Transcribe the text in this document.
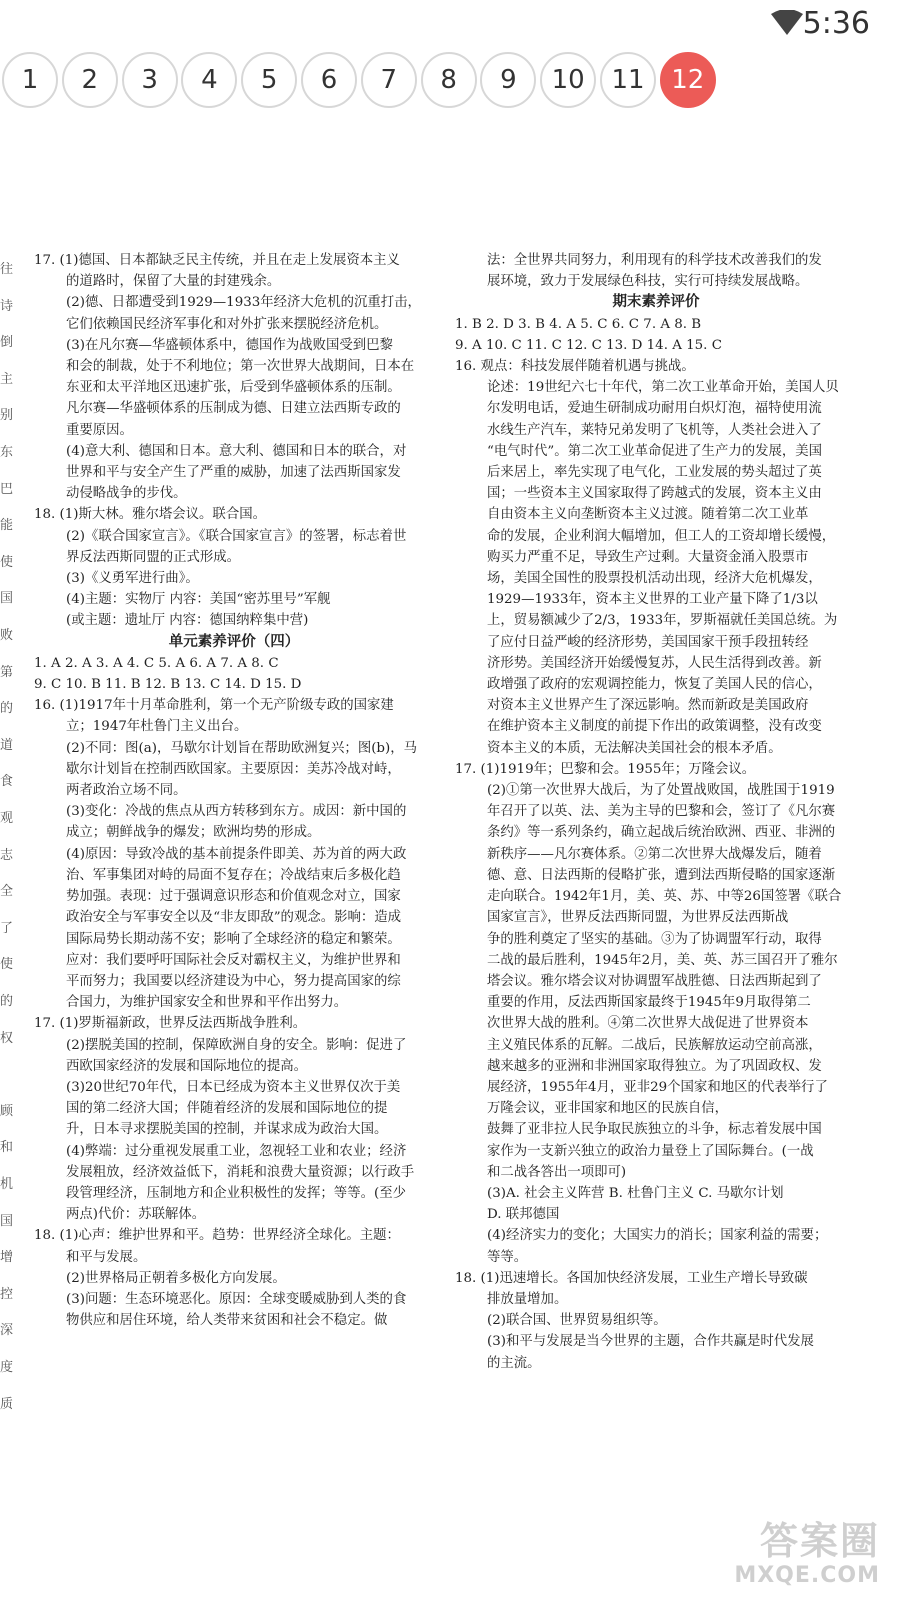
5:36
1	2	3	4	5	6	7	8	9	10	11	12
往
诗
倒
主
别
东
巴
能
使
国
败
第
的
道
食
观
志
全
了
使
的
权
顾
和
机
国
增
控
深
度
质
17. (1)德国、日本都缺乏民主传统，并且在走上发展资本主义
的道路时，保留了大量的封建残余。
(2)德、日都遭受到1929—1933年经济大危机的沉重打击，
它们依赖国民经济军事化和对外扩张来摆脱经济危机。
(3)在凡尔赛—华盛顿体系中，德国作为战败国受到巴黎
和会的制裁，处于不利地位；第一次世界大战期间，日本在
东亚和太平洋地区迅速扩张，后受到华盛顿体系的压制。
凡尔赛—华盛顿体系的压制成为德、日建立法西斯专政的
重要原因。
(4)意大利、德国和日本。意大利、德国和日本的联合，对
世界和平与安全产生了严重的威胁，加速了法西斯国家发
动侵略战争的步伐。
18. (1)斯大林。雅尔塔会议。联合国。
(2)《联合国家宣言》。《联合国家宣言》的签署，标志着世
界反法西斯同盟的正式形成。
(3)《义勇军进行曲》。
(4)主题：实物厅 内容：美国“密苏里号”军舰
(或主题：遗址厅 内容：德国纳粹集中营)
单元素养评价（四）
1. A 2. A 3. A 4. C 5. A 6. A 7. A 8. C
9. C 10. B 11. B 12. B 13. C 14. D 15. D
16. (1)1917年十月革命胜利，第一个无产阶级专政的国家建
立；1947年杜鲁门主义出台。
(2)不同：图(a)，马歇尔计划旨在帮助欧洲复兴；图(b)，马
歇尔计划旨在控制西欧国家。主要原因：美苏冷战对峙，
两者政治立场不同。
(3)变化：冷战的焦点从西方转移到东方。成因：新中国的
成立；朝鲜战争的爆发；欧洲均势的形成。
(4)原因：导致冷战的基本前提条件即美、苏为首的两大政
治、军事集团对峙的局面不复存在；冷战结束后多极化趋
势加强。表现：过于强调意识形态和价值观念对立，国家
政治安全与军事安全以及“非友即敌”的观念。影响：造成
国际局势长期动荡不安；影响了全球经济的稳定和繁荣。
应对：我们要呼吁国际社会反对霸权主义，为维护世界和
平而努力；我国要以经济建设为中心，努力提高国家的综
合国力，为维护国家安全和世界和平作出努力。
17. (1)罗斯福新政，世界反法西斯战争胜利。
(2)摆脱美国的控制，保障欧洲自身的安全。影响：促进了
西欧国家经济的发展和国际地位的提高。
(3)20世纪70年代，日本已经成为资本主义世界仅次于美
国的第二经济大国；伴随着经济的发展和国际地位的提
升，日本寻求摆脱美国的控制，并谋求成为政治大国。
(4)弊端：过分重视发展重工业，忽视轻工业和农业；经济
发展粗放，经济效益低下，消耗和浪费大量资源；以行政手
段管理经济，压制地方和企业积极性的发挥；等等。(至少
两点)代价：苏联解体。
18. (1)心声：维护世界和平。趋势：世界经济全球化。主题：
和平与发展。
(2)世界格局正朝着多极化方向发展。
(3)问题：生态环境恶化。原因：全球变暖威胁到人类的食
物供应和居住环境，给人类带来贫困和社会不稳定。做
法：全世界共同努力，利用现有的科学技术改善我们的发
展环境，致力于发展绿色科技，实行可持续发展战略。
期末素养评价
1. B 2. D 3. B 4. A 5. C 6. C 7. A 8. B
9. A 10. C 11. C 12. C 13. D 14. A 15. C
16. 观点：科技发展伴随着机遇与挑战。
论述：19世纪六七十年代，第二次工业革命开始，美国人贝
尔发明电话，爱迪生研制成功耐用白炽灯泡，福特使用流
水线生产汽车，莱特兄弟发明了飞机等，人类社会进入了
“电气时代”。第二次工业革命促进了生产力的发展，美国
后来居上，率先实现了电气化，工业发展的势头超过了英
国；一些资本主义国家取得了跨越式的发展，资本主义由
自由资本主义向垄断资本主义过渡。随着第二次工业革
命的发展，企业利润大幅增加，但工人的工资却增长缓慢，
购买力严重不足，导致生产过剩。大量资金涌入股票市
场，美国全国性的股票投机活动出现，经济大危机爆发，
1929—1933年，资本主义世界的工业产量下降了1/3以
上，贸易额减少了2/3，1933年，罗斯福就任美国总统。为
了应付日益严峻的经济形势，美国国家干预手段扭转经
济形势。美国经济开始缓慢复苏，人民生活得到改善。新
政增强了政府的宏观调控能力，恢复了美国人民的信心，
对资本主义世界产生了深远影响。然而新政是美国政府
在维护资本主义制度的前提下作出的政策调整，没有改变
资本主义的本质，无法解决美国社会的根本矛盾。
17. (1)1919年；巴黎和会。1955年；万隆会议。
(2)①第一次世界大战后，为了处置战败国，战胜国于1919
年召开了以英、法、美为主导的巴黎和会，签订了《凡尔赛
条约》等一系列条约，确立起战后统治欧洲、西亚、非洲的
新秩序——凡尔赛体系。②第二次世界大战爆发后，随着
德、意、日法西斯的侵略扩张，遭到法西斯侵略的国家逐渐
走向联合。1942年1月，美、英、苏、中等26国签署《联合
国家宣言》，世界反法西斯同盟，为世界反法西斯战
争的胜利奠定了坚实的基础。③为了协调盟军行动，取得
二战的最后胜利，1945年2月，美、英、苏三国召开了雅尔
塔会议。雅尔塔会议对协调盟军战胜德、日法西斯起到了
重要的作用，反法西斯国家最终于1945年9月取得第二
次世界大战的胜利。④第二次世界大战促进了世界资本
主义殖民体系的瓦解。二战后，民族解放运动空前高涨，
越来越多的亚洲和非洲国家取得独立。为了巩固政权、发
展经济，1955年4月，亚非29个国家和地区的代表举行了
万隆会议，亚非国家和地区的民族自信，
鼓舞了亚非拉人民争取民族独立的斗争，标志着发展中国
家作为一支新兴独立的政治力量登上了国际舞台。(一战
和二战各答出一项即可)
(3)A. 社会主义阵营 B. 杜鲁门主义 C. 马歇尔计划
D. 联邦德国
(4)经济实力的变化；大国实力的消长；国家利益的需要；
等等。
18. (1)迅速增长。各国加快经济发展，工业生产增长导致碳
排放量增加。
(2)联合国、世界贸易组织等。
(3)和平与发展是当今世界的主题，合作共赢是时代发展
的主流。
答案圈
MXQE.COM
